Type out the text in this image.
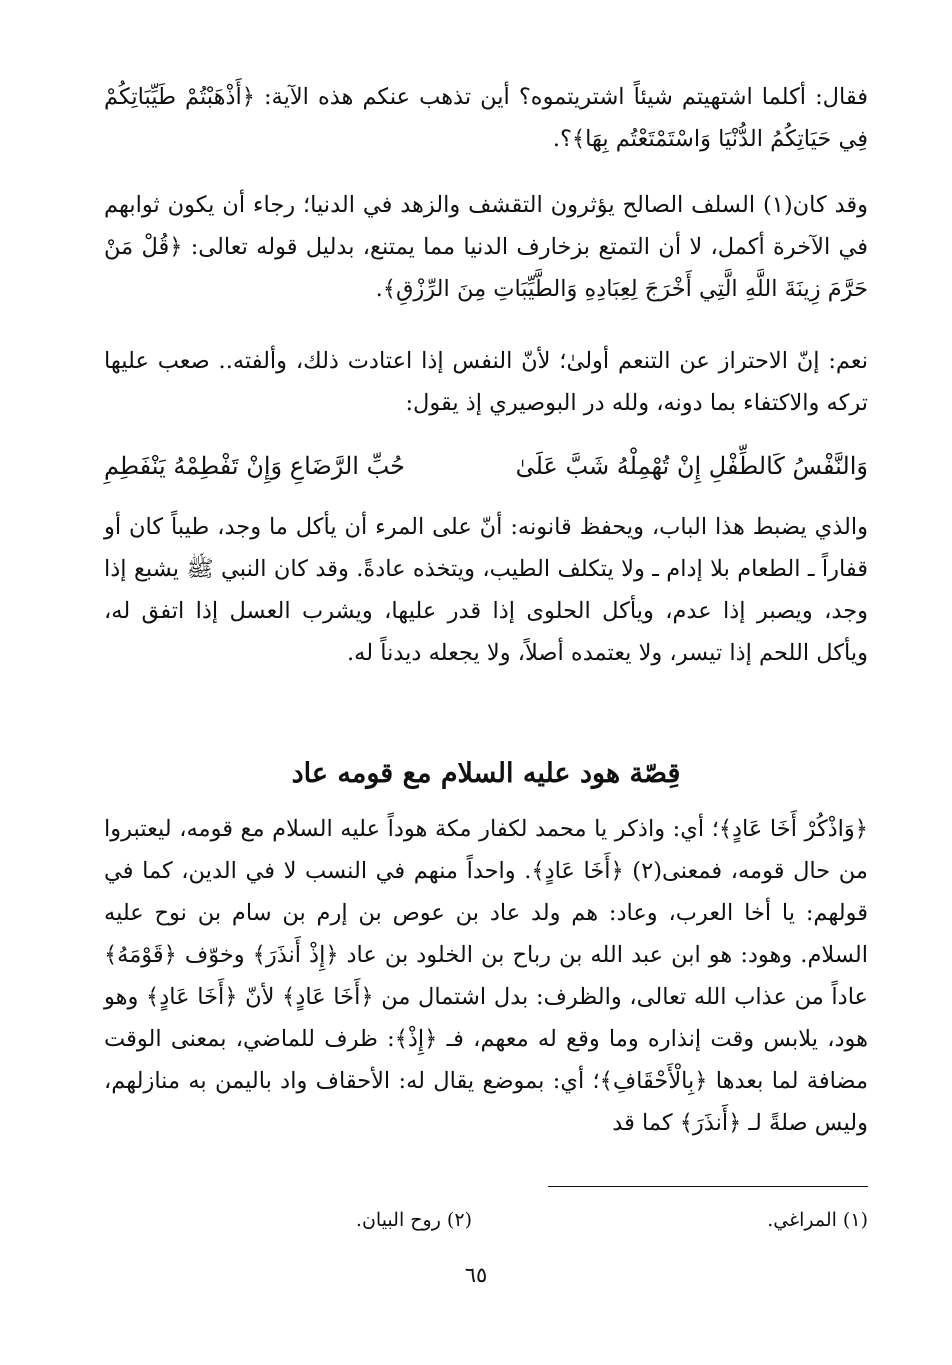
فقال: أكلما اشتهيتم شيئاً اشتريتموه؟ أين تذهب عنكم هذه الآية: ﴿أَذْهَبْتُمْ طَيِّبَاتِكُمْ فِي حَيَاتِكُمُ الدُّنْيَا وَاسْتَمْتَعْتُم بِهَا﴾؟.

وقد كان(١) السلف الصالح يؤثرون التقشف والزهد في الدنيا؛ رجاء أن يكون ثوابهم في الآخرة أكمل، لا أن التمتع بزخارف الدنيا مما يمتنع، بدليل قوله تعالى: ﴿قُلْ مَنْ حَرَّمَ زِينَةَ اللَّهِ الَّتِي أَخْرَجَ لِعِبَادِهِ وَالطَّيِّبَاتِ مِنَ الرِّزْقِ﴾.

نعم: إنّ الاحتراز عن التنعم أولىٰ؛ لأنّ النفس إذا اعتادت ذلك، وألفته.. صعب عليها تركه والاكتفاء بما دونه، ولله در البوصيري إذ يقول:

وَالنَّفْسُ كَالطِّفْلِ إِنْ تُهْمِلْهُ شَبَّ عَلَىٰ
حُبِّ الرَّضَاعِ وَإِنْ تَفْطِمْهُ يَنْفَطِمِ

والذي يضبط هذا الباب، ويحفظ قانونه: أنّ على المرء أن يأكل ما وجد، طيباً كان أو قفاراً ـ الطعام بلا إدام ـ ولا يتكلف الطيب، ويتخذه عادةً. وقد كان النبي ﷺ يشبع إذا وجد، ويصبر إذا عدم، ويأكل الحلوى إذا قدر عليها، ويشرب العسل إذا اتفق له، ويأكل اللحم إذا تيسر، ولا يعتمده أصلاً، ولا يجعله ديدناً له.

قِصّة هود عليه السلام مع قومه عاد

﴿وَاذْكُرْ أَخَا عَادٍ﴾؛ أي: واذكر يا محمد لكفار مكة هوداً عليه السلام مع قومه، ليعتبروا من حال قومه، فمعنى(٢) ﴿أَخَا عَادٍ﴾. واحداً منهم في النسب لا في الدين، كما في قولهم: يا أخا العرب، وعاد: هم ولد عاد بن عوص بن إرم بن سام بن نوح عليه السلام. وهود: هو ابن عبد الله بن رباح بن الخلود بن عاد ﴿إِذْ أَنذَرَ﴾ وخوّف ﴿قَوْمَهُ﴾ عاداً من عذاب الله تعالى، والظرف: بدل اشتمال من ﴿أَخَا عَادٍ﴾ لأنّ ﴿أَخَا عَادٍ﴾ وهو هود، يلابس وقت إنذاره وما وقع له معهم، فـ ﴿إِذْ﴾: ظرف للماضي، بمعنى الوقت مضافة لما بعدها ﴿بِالْأَحْقَافِ﴾؛ أي: بموضع يقال له: الأحقاف واد باليمن به منازلهم، وليس صلةً لـ ﴿أَنذَرَ﴾ كما قد

(١) المراغي.
(٢) روح البيان.
٦٥
